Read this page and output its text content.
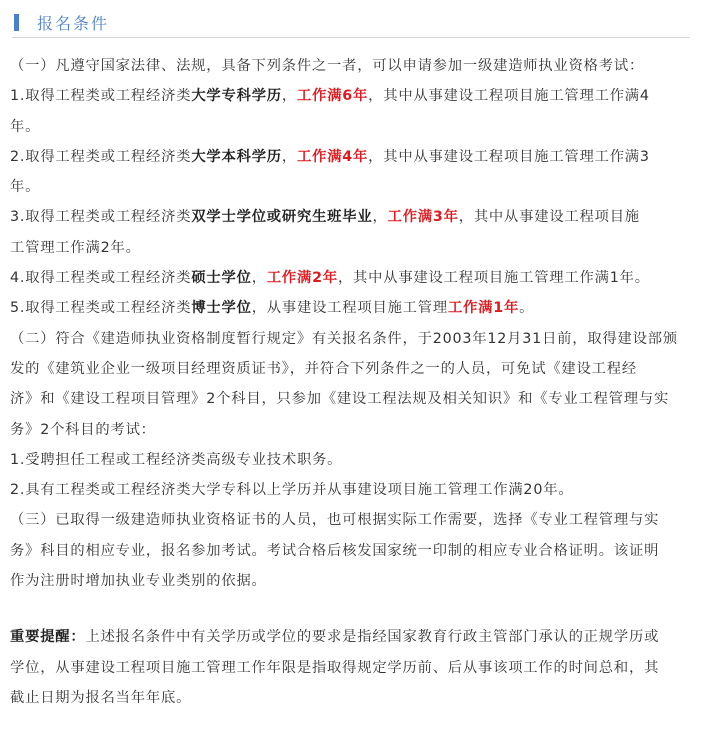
报名条件
（一）凡遵守国家法律、法规，具备下列条件之一者，可以申请参加一级建造师执业资格考试：
1.取得工程类或工程经济类大学专科学历，工作满6年，其中从事建设工程项目施工管理工作满4
年。
2.取得工程类或工程经济类大学本科学历，工作满4年，其中从事建设工程项目施工管理工作满3
年。
3.取得工程类或工程经济类双学士学位或研究生班毕业，工作满3年，其中从事建设工程项目施
工管理工作满2年。
4.取得工程类或工程经济类硕士学位，工作满2年，其中从事建设工程项目施工管理工作满1年。
5.取得工程类或工程经济类博士学位，从事建设工程项目施工管理工作满1年。
（二）符合《建造师执业资格制度暂行规定》有关报名条件，于2003年12月31日前，取得建设部颁
发的《建筑业企业一级项目经理资质证书》，并符合下列条件之一的人员，可免试《建设工程经
济》和《建设工程项目管理》2个科目，只参加《建设工程法规及相关知识》和《专业工程管理与实
务》2个科目的考试：
1.受聘担任工程或工程经济类高级专业技术职务。
2.具有工程类或工程经济类大学专科以上学历并从事建设项目施工管理工作满20年。
（三）已取得一级建造师执业资格证书的人员，也可根据实际工作需要，选择《专业工程管理与实
务》科目的相应专业，报名参加考试。考试合格后核发国家统一印制的相应专业合格证明。该证明
作为注册时增加执业专业类别的依据。
重要提醒：上述报名条件中有关学历或学位的要求是指经国家教育行政主管部门承认的正规学历或
学位，从事建设工程项目施工管理工作年限是指取得规定学历前、后从事该项工作的时间总和，其
截止日期为报名当年年底。
